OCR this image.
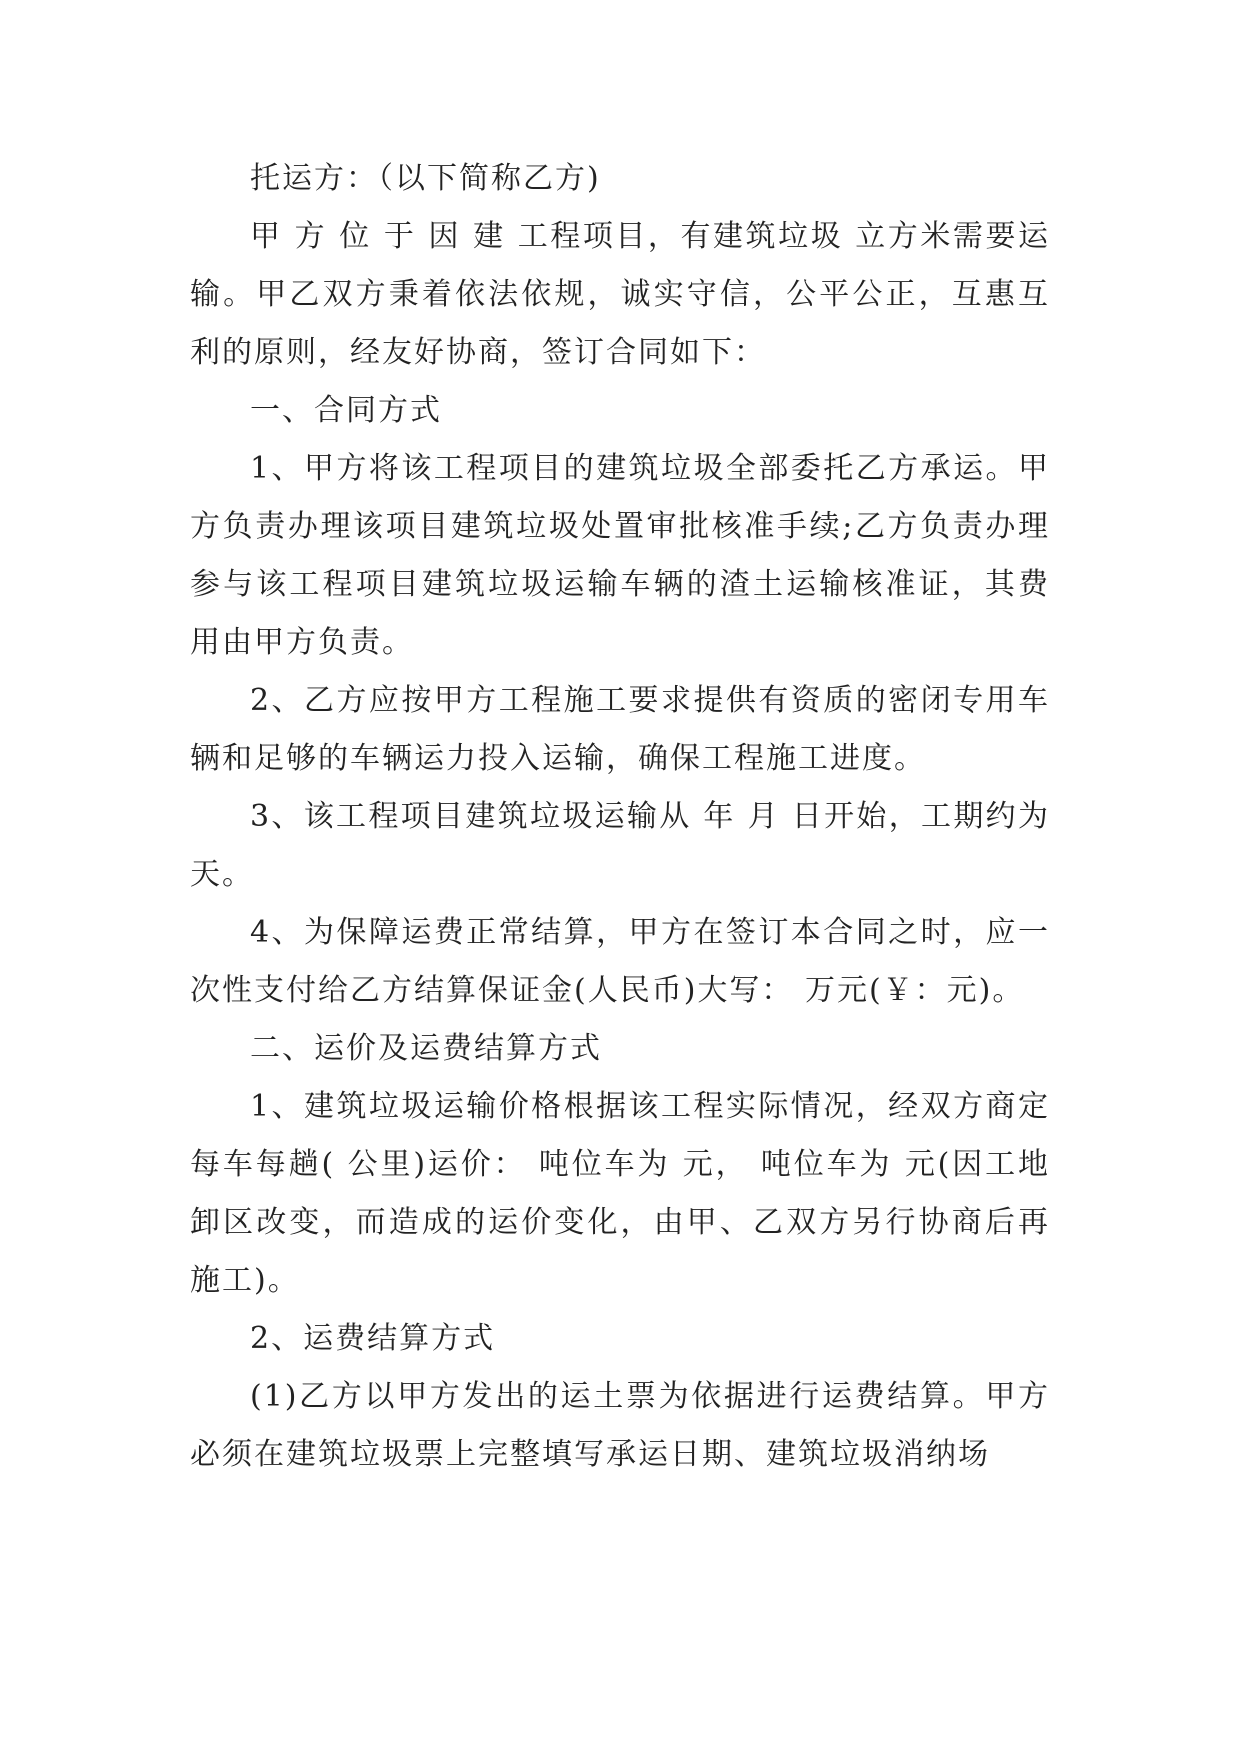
托运方：（以下简称乙方)

甲 方 位 于 因 建 工程项目，有建筑垃圾 立方米需要运输。甲乙双方秉着依法依规，诚实守信，公平公正，互惠互利的原则，经友好协商，签订合同如下：

一、合同方式

1、甲方将该工程项目的建筑垃圾全部委托乙方承运。甲方负责办理该项目建筑垃圾处置审批核准手续;乙方负责办理参与该工程项目建筑垃圾运输车辆的渣土运输核准证，其费用由甲方负责。

2、乙方应按甲方工程施工要求提供有资质的密闭专用车辆和足够的车辆运力投入运输，确保工程施工进度。

3、该工程项目建筑垃圾运输从 年 月 日开始，工期约为 天。

4、为保障运费正常结算，甲方在签订本合同之时，应一次性支付给乙方结算保证金(人民币)大写： 万元(￥：元)。

二、运价及运费结算方式

1、建筑垃圾运输价格根据该工程实际情况，经双方商定每车每趟( 公里)运价： 吨位车为 元， 吨位车为 元(因工地卸区改变，而造成的运价变化，由甲、乙双方另行协商后再施工)。

2、运费结算方式

(1)乙方以甲方发出的运土票为依据进行运费结算。甲方必须在建筑垃圾票上完整填写承运日期、建筑垃圾消纳场
